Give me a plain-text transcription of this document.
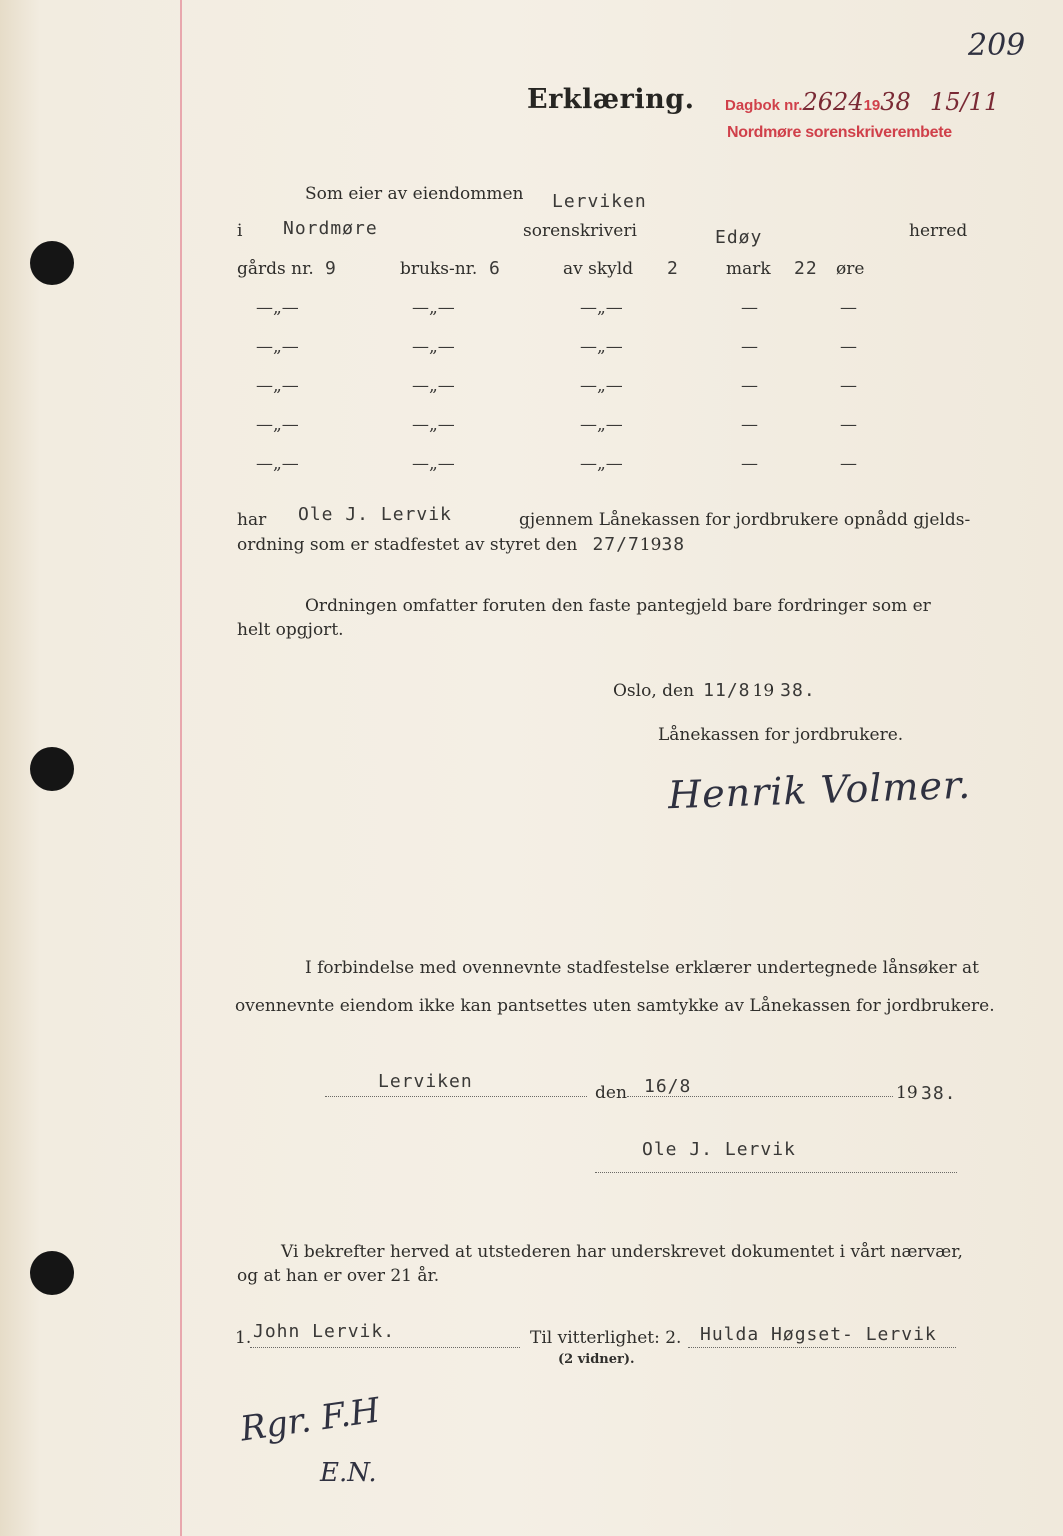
209
Erklæring. Dagbok nr.26241938 15/11
Nordmøre sorenskriverembete
Som eier av eiendommen Lerviken
i Nordmøre	sorenskriveri	Edøy	herred
gårds nr. 9	bruks-nr. 6	av skyld 2	mark 22 øre
—„—	—„—	—„—	—	—
—„—	—„—	—„—	—	—
—„—	—„—	—„—	—	—
—„—	—„—	—„—	—	—
—„—	—„—	—„—	—	—
har Ole J. Lervik	gjennem Lånekassen for jordbrukere opnådd gjelds-
ordning som er stadfestet av styret den 27/71938
Ordningen omfatter foruten den faste pantegjeld bare fordringer som er
helt opgjort.
Oslo, den 11/8 19 38.
Lånekassen for jordbrukere.
Henrik Volmer.
I forbindelse med ovennevnte stadfestelse erklærer undertegnede lånsøker at
ovennevnte eiendom ikke kan pantsettes uten samtykke av Lånekassen for jordbrukere.
Lerviken
den 16/8	19 38.
Ole J. Lervik
Vi bekrefter herved at utstederen har underskrevet dokumentet i vårt nærvær,
og at han er over 21 år.
1. John Lervik.	Til vitterlighet: 2. Hulda Høgset- Lervik
(2 vidner).
Rgr. F.H
E.N.
